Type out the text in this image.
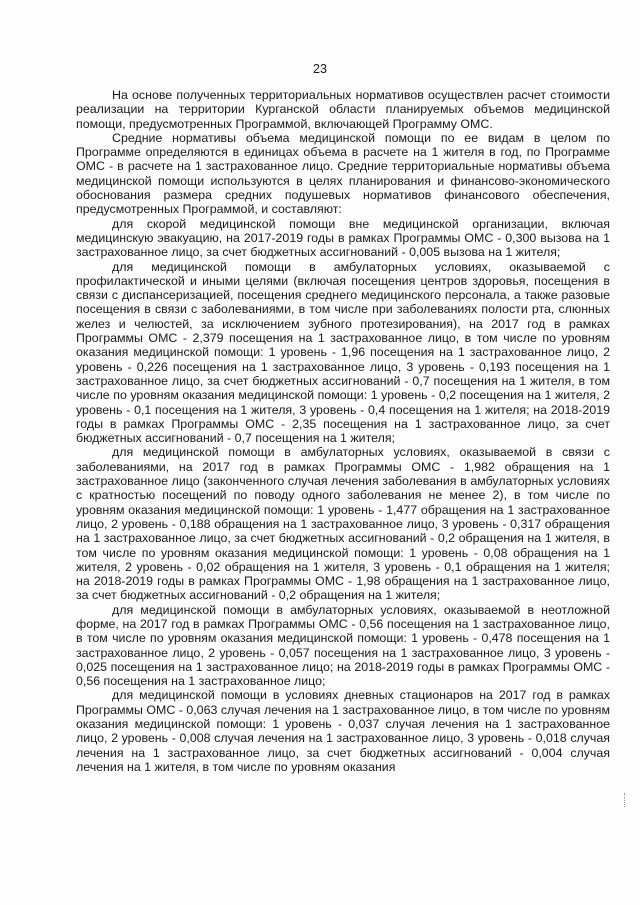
23

На основе полученных территориальных нормативов осуществлен расчет стоимости реализации на территории Курганской области планируемых объемов медицинской помощи, предусмотренных Программой, включающей Программу ОМС.

Средние нормативы объема медицинской помощи по ее видам в целом по Программе определяются в единицах объема в расчете на 1 жителя в год, по Программе ОМС - в расчете на 1 застрахованное лицо. Средние территориальные нормативы объема медицинской помощи используются в целях планирования и финансово-экономического обоснования размера средних подушевых нормативов финансового обеспечения, предусмотренных Программой, и составляют:

для скорой медицинской помощи вне медицинской организации, включая медицинскую эвакуацию, на 2017-2019 годы в рамках Программы ОМС - 0,300 вызова на 1 застрахованное лицо, за счет бюджетных ассигнований - 0,005 вызова на 1 жителя;

для медицинской помощи в амбулаторных условиях, оказываемой с профилактической и иными целями (включая посещения центров здоровья, посещения в связи с диспансеризацией, посещения среднего медицинского персонала, а также разовые посещения в связи с заболеваниями, в том числе при заболеваниях полости рта, слюнных желез и челюстей, за исключением зубного протезирования), на 2017 год в рамках Программы ОМС - 2,379 посещения на 1 застрахованное лицо, в том числе по уровням оказания медицинской помощи: 1 уровень - 1,96 посещения на 1 застрахованное лицо, 2 уровень - 0,226 посещения на 1 застрахованное лицо, 3 уровень - 0,193 посещения на 1 застрахованное лицо, за счет бюджетных ассигнований - 0,7 посещения на 1 жителя, в том числе по уровням оказания медицинской помощи: 1 уровень - 0,2 посещения на 1 жителя, 2 уровень - 0,1 посещения на 1 жителя, 3 уровень - 0,4 посещения на 1 жителя; на 2018-2019 годы в рамках Программы ОМС - 2,35 посещения на 1 застрахованное лицо, за счет бюджетных ассигнований - 0,7 посещения на 1 жителя;

для медицинской помощи в амбулаторных условиях, оказываемой в связи с заболеваниями, на 2017 год в рамках Программы ОМС - 1,982 обращения на 1 застрахованное лицо (законченного случая лечения заболевания в амбулаторных условиях с кратностью посещений по поводу одного заболевания не менее 2), в том числе по уровням оказания медицинской помощи: 1 уровень - 1,477 обращения на 1 застрахованное лицо, 2 уровень - 0,188 обращения на 1 застрахованное лицо, 3 уровень - 0,317 обращения на 1 застрахованное лицо, за счет бюджетных ассигнований - 0,2 обращения на 1 жителя, в том числе по уровням оказания медицинской помощи: 1 уровень - 0,08 обращения на 1 жителя, 2 уровень - 0,02 обращения на 1 жителя, 3 уровень - 0,1 обращения на 1 жителя; на 2018-2019 годы в рамках Программы ОМС - 1,98 обращения на 1 застрахованное лицо, за счет бюджетных ассигнований - 0,2 обращения на 1 жителя;

для медицинской помощи в амбулаторных условиях, оказываемой в неотложной форме, на 2017 год в рамках Программы ОМС - 0,56 посещения на 1 застрахованное лицо, в том числе по уровням оказания медицинской помощи: 1 уровень - 0,478 посещения на 1 застрахованное лицо, 2 уровень - 0,057 посещения на 1 застрахованное лицо, 3 уровень - 0,025 посещения на 1 застрахованное лицо; на 2018-2019 годы в рамках Программы ОМС - 0,56 посещения на 1 застрахованное лицо;

для медицинской помощи в условиях дневных стационаров на 2017 год в рамках Программы ОМС - 0,063 случая лечения на 1 застрахованное лицо, в том числе по уровням оказания медицинской помощи: 1 уровень - 0,037 случая лечения на 1 застрахованное лицо, 2 уровень - 0,008 случая лечения на 1 застрахованное лицо, 3 уровень - 0,018 случая лечения на 1 застрахованное лицо, за счет бюджетных ассигнований - 0,004 случая лечения на 1 жителя, в том числе по уровням оказания
